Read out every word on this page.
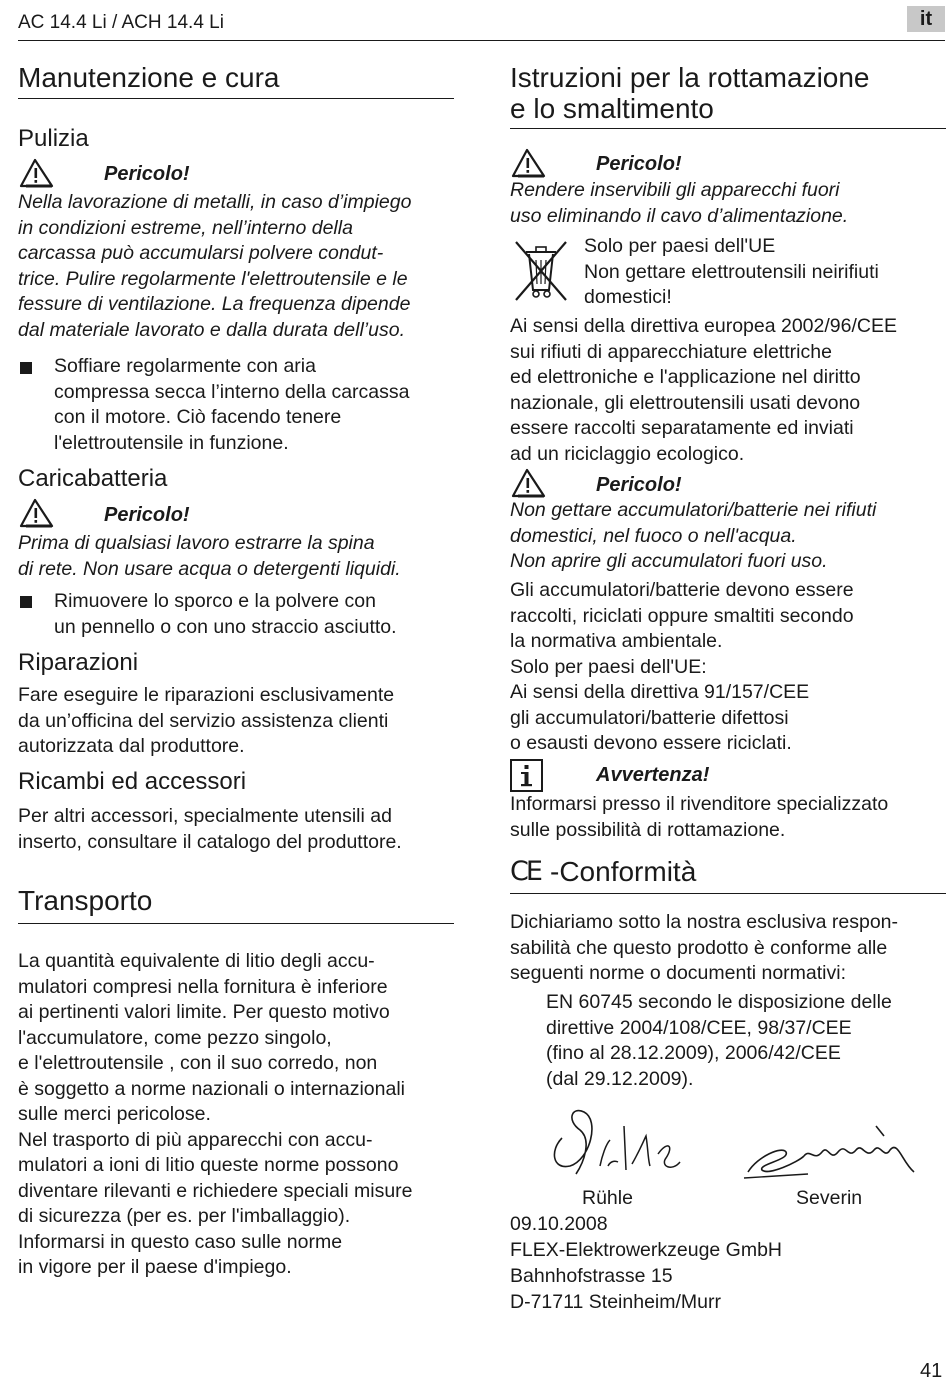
AC 14.4 Li / ACH 14.4 Li	it
Manutenzione e cura
Pulizia
Pericolo!
Nella lavorazione di metalli, in caso d’impiego
in condizioni estreme, nell’interno della
carcassa può accumularsi polvere condut-
trice. Pulire regolarmente l'elettroutensile e le
fessure di ventilazione. La frequenza dipende
dal materiale lavorato e dalla durata dell’uso.
Soffiare regolarmente con aria
compressa secca l’interno della carcassa
con il motore. Ciò facendo tenere
l'elettroutensile in funzione.
Caricabatteria
Pericolo!
Prima di qualsiasi lavoro estrarre la spina
di rete. Non usare acqua o detergenti liquidi.
Rimuovere lo sporco e la polvere con
un pennello o con uno straccio asciutto.
Riparazioni
Fare eseguire le riparazioni esclusivamente
da un’officina del servizio assistenza clienti
autorizzata dal produttore.
Ricambi ed accessori
Per altri accessori, specialmente utensili ad
inserto, consultare il catalogo del produttore.
Transporto
La quantità equivalente di litio degli accu-
mulatori compresi nella fornitura è inferiore
ai pertinenti valori limite. Per questo motivo
l'accumulatore, come pezzo singolo,
e l'elettroutensile , con il suo corredo, non
è soggetto a norme nazionali o internazionali
sulle merci pericolose.
Nel trasporto di più apparecchi con accu-
mulatori a ioni di litio queste norme possono
diventare rilevanti e richiedere speciali misure
di sicurezza (per es. per l'imballaggio).
Informarsi in questo caso sulle norme
in vigore per il paese d'impiego.
Istruzioni per la rottamazione
e lo smaltimento
Pericolo!
Rendere inservibili gli apparecchi fuori
uso eliminando il cavo d’alimentazione.
Solo per paesi dell'UE
Non gettare elettroutensili neirifiuti
domestici!
Ai sensi della direttiva europea 2002/96/CEE
sui rifiuti di apparecchiature elettriche
ed elettroniche e l'applicazione nel diritto
nazionale, gli elettroutensili usati devono
essere raccolti separatamente ed inviati
ad un riciclaggio ecologico.
Pericolo!
Non gettare accumulatori/batterie nei rifiuti
domestici, nel fuoco o nell'acqua.
Non aprire gli accumulatori fuori uso.
Gli accumulatori/batterie devono essere
raccolti, riciclati oppure smaltiti secondo
la normativa ambientale.
Solo per paesi dell'UE:
Ai sensi della direttiva 91/157/CEE
gli accumulatori/batterie difettosi
o esausti devono essere riciclati.
Avvertenza!
Informarsi presso il rivenditore specializzato
sulle possibilità di rottamazione.
CE -Conformità
Dichiariamo sotto la nostra esclusiva respon-
sabilità che questo prodotto è conforme alle
seguenti norme o documenti normativi:
EN 60745 secondo le disposizione delle
direttive 2004/108/CEE, 98/37/CEE
(fino al 28.12.2009), 2006/42/CEE
(dal 29.12.2009).
Rühle	Severin
09.10.2008
FLEX-Elektrowerkzeuge GmbH
Bahnhofstrasse 15
D-71711 Steinheim/Murr
41
